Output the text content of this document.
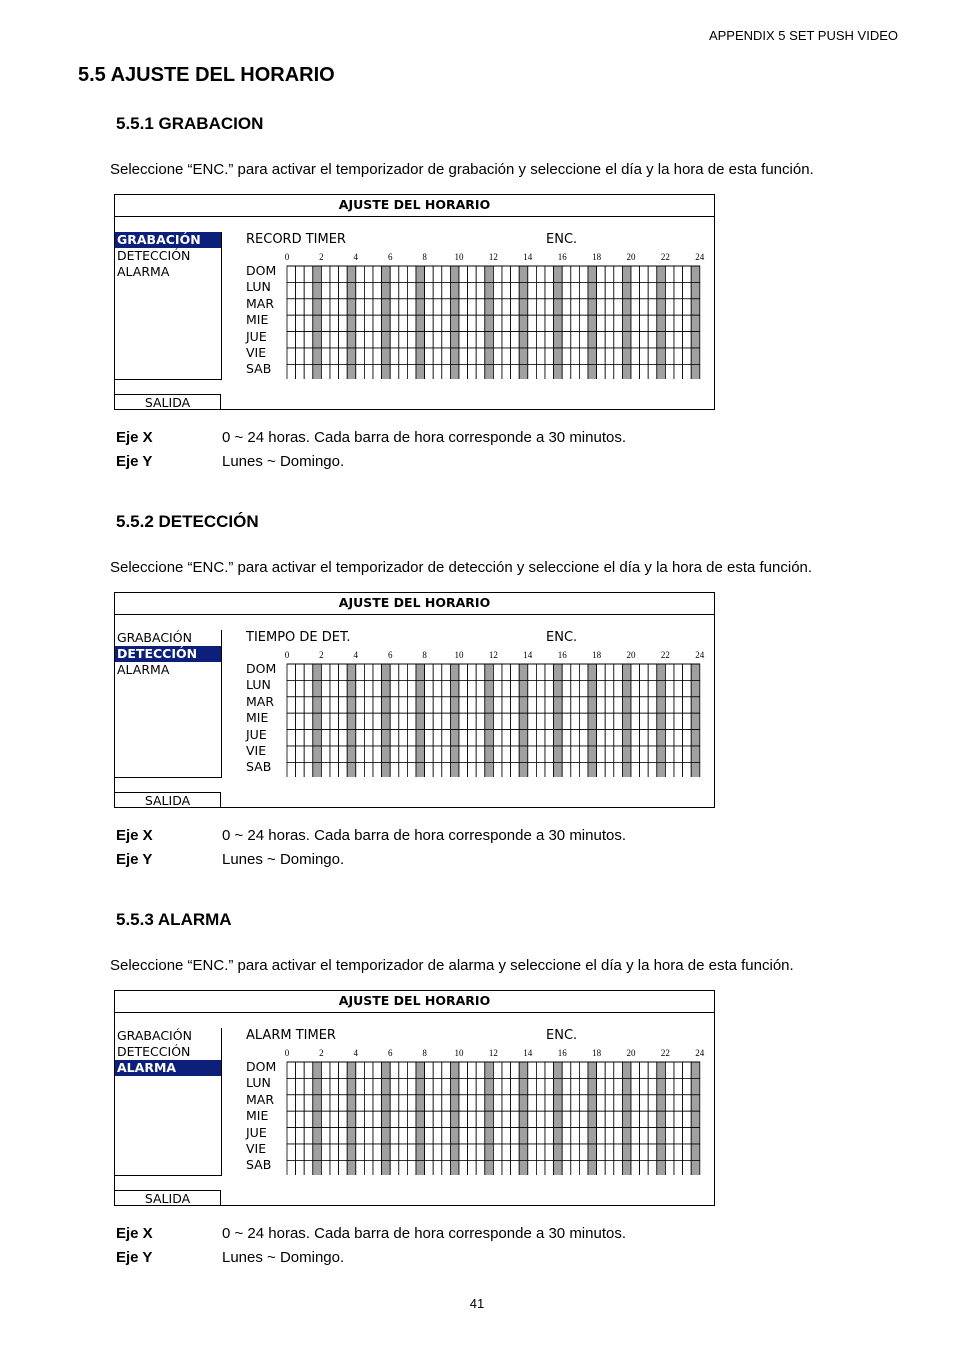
APPENDIX 5 SET PUSH VIDEO
5.5 AJUSTE DEL HORARIO
5.5.1 GRABACION

Seleccione “ENC.” para activar el temporizador de grabación y seleccione el día y la hora de esta función.

AJUSTE DEL HORARIO
GRABACIÓN
DETECCIÓN
ALARMA
SALIDA
RECORD TIMER	ENC.
DOM
LUN
MAR
MIE
JUE
VIE
SAB
0	2	4	6	8	10	12	14	16	18	20	22	24
Eje X	0 ~ 24 horas. Cada barra de hora corresponde a 30 minutos.
Eje Y	Lunes ~ Domingo.
5.5.2 DETECCIÓN

Seleccione “ENC.” para activar el temporizador de detección y seleccione el día y la hora de esta función.

AJUSTE DEL HORARIO
GRABACIÓN
DETECCIÓN
ALARMA
SALIDA
TIEMPO DE DET.	ENC.
DOM
LUN
MAR
MIE
JUE
VIE
SAB
0	2	4	6	8	10	12	14	16	18	20	22	24
Eje X	0 ~ 24 horas. Cada barra de hora corresponde a 30 minutos.
Eje Y	Lunes ~ Domingo.
5.5.3 ALARMA

Seleccione “ENC.” para activar el temporizador de alarma y seleccione el día y la hora de esta función.

AJUSTE DEL HORARIO
GRABACIÓN
DETECCIÓN
ALARMA
SALIDA
ALARM TIMER	ENC.
DOM
LUN
MAR
MIE
JUE
VIE
SAB
0	2	4	6	8	10	12	14	16	18	20	22	24
Eje X	0 ~ 24 horas. Cada barra de hora corresponde a 30 minutos.
Eje Y	Lunes ~ Domingo.
41
